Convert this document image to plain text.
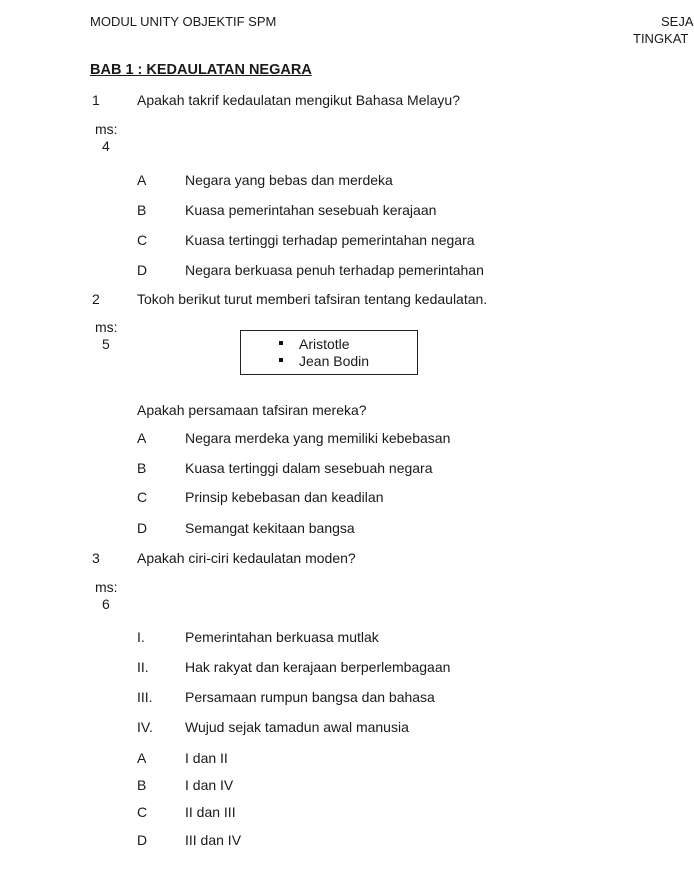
MODUL UNITY OBJEKTIF SPM	SEJA
TINGKAT
BAB 1 : KEDAULATAN NEGARA
1	Apakah takrif kedaulatan mengikut Bahasa Melayu?
ms:
4
A	Negara yang bebas dan merdeka
B	Kuasa pemerintahan sesebuah kerajaan
C	Kuasa tertinggi terhadap pemerintahan negara
D	Negara berkuasa penuh terhadap pemerintahan
2	Tokoh berikut turut memberi tafsiran tentang kedaulatan.
ms:
5	Aristotle
Jean Bodin
Apakah persamaan tafsiran mereka?
A	Negara merdeka yang memiliki kebebasan
B	Kuasa tertinggi dalam sesebuah negara
C	Prinsip kebebasan dan keadilan
D	Semangat kekitaan bangsa
3	Apakah ciri-ciri kedaulatan moden?
ms:
6
I.	Pemerintahan berkuasa mutlak
II.	Hak rakyat dan kerajaan berperlembagaan
III. Persamaan rumpun bangsa dan bahasa
IV. Wujud sejak tamadun awal manusia
A	I dan II
B	I dan IV
C	II dan III
D	III dan IV
